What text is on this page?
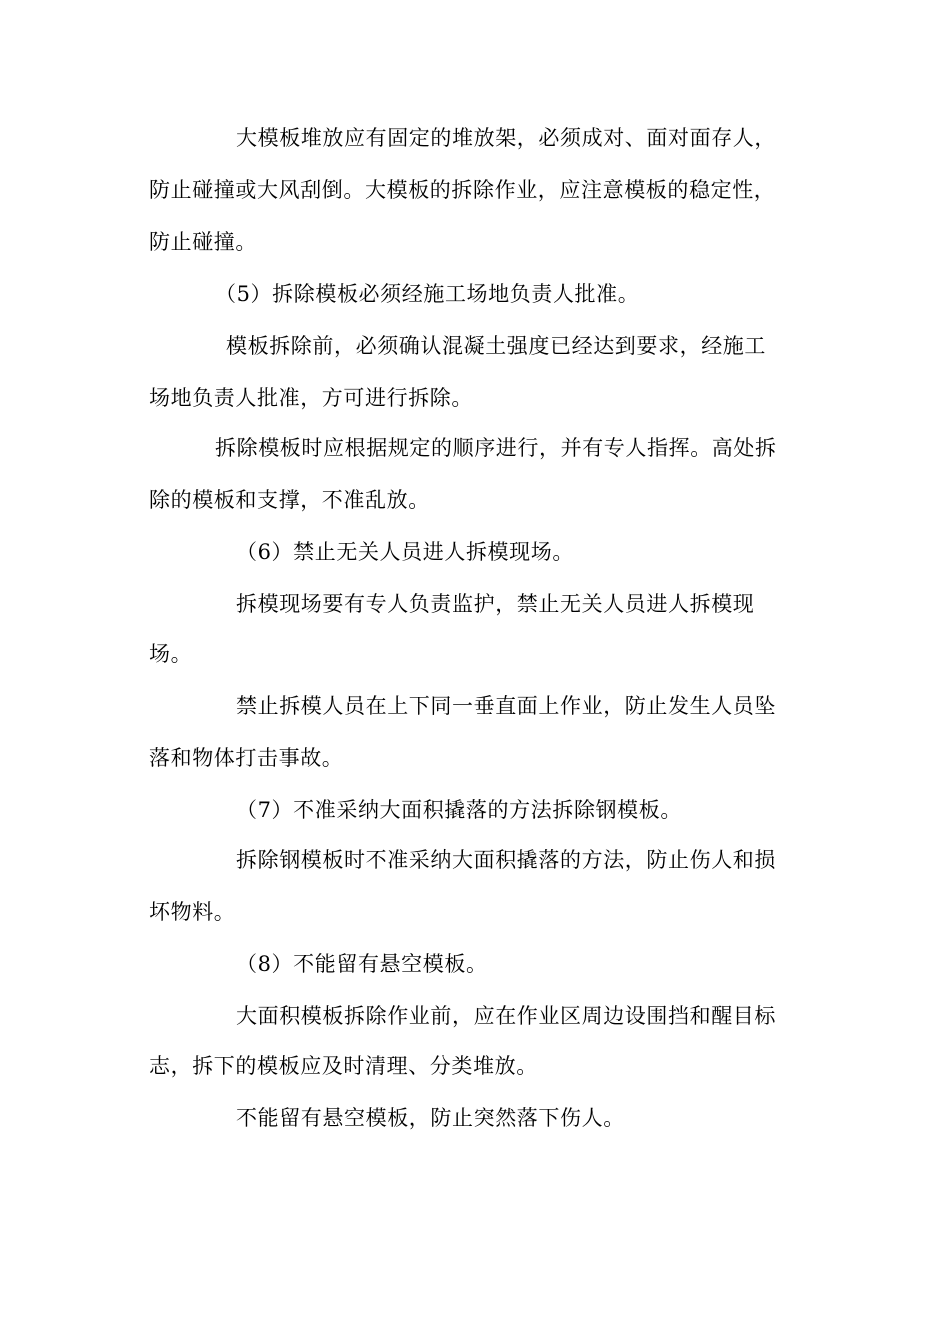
大模板堆放应有固定的堆放架，必须成对、面对面存人，
防止碰撞或大风刮倒。大模板的拆除作业，应注意模板的稳定性，
防止碰撞。
（5）拆除模板必须经施工场地负责人批准。
模板拆除前，必须确认混凝土强度已经达到要求，经施工
场地负责人批准，方可进行拆除。
拆除模板时应根据规定的顺序进行，并有专人指挥。高处拆
除的模板和支撑，不准乱放。
（6）禁止无关人员进人拆模现场。
拆模现场要有专人负责监护，禁止无关人员进人拆模现
场。
禁止拆模人员在上下同一垂直面上作业，防止发生人员坠
落和物体打击事故。
（7）不准采纳大面积撬落的方法拆除钢模板。
拆除钢模板时不准采纳大面积撬落的方法，防止伤人和损
坏物料。
（8）不能留有悬空模板。
大面积模板拆除作业前，应在作业区周边设围挡和醒目标
志，拆下的模板应及时清理、分类堆放。
不能留有悬空模板，防止突然落下伤人。
